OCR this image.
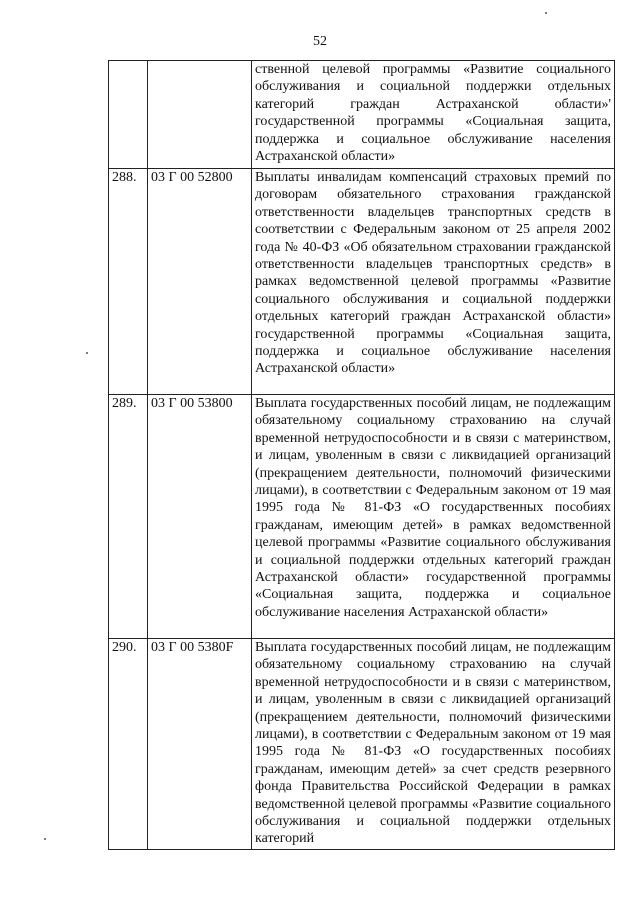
52
		ственной целевой программы «Развитие социального обслуживания и социальной поддержки отдельных категорий граждан Астраханской области»' государственной программы «Социальная защита, поддержка и социальное обслуживание населения Астраханской области»
288.	03 Г 00 52800	Выплаты инвалидам компенсаций страховых премий по договорам обязательного страхования гражданской ответственности владельцев транспортных средств в соответствии с Федеральным законом от 25 апреля 2002 года № 40-ФЗ «Об обязательном страховании гражданской ответственности владельцев транспортных средств» в рамках ведомственной целевой программы «Развитие социального обслуживания и социальной поддержки отдельных категорий граждан Астраханской области» государственной программы «Социальная защита, поддержка и социальное обслуживание населения Астраханской области»
289.	03 Г 00 53800	Выплата государственных пособий лицам, не подлежащим обязательному социальному страхованию на случай временной нетрудоспособности и в связи с материнством, и лицам, уволенным в связи с ликвидацией организаций (прекращением деятельности, полномочий физическими лицами), в соответствии с Федеральным законом от 19 мая 1995 года № 81-ФЗ «О государственных пособиях гражданам, имеющим детей» в рамках ведомственной целевой программы «Развитие социального обслуживания и социальной поддержки отдельных категорий граждан Астраханской области» государственной программы «Социальная защита, поддержка и социальное обслуживание населения Астраханской области»
290.	03 Г 00 5380F	Выплата государственных пособий лицам, не подлежащим обязательному социальному страхованию на случай временной нетрудоспособности и в связи с материнством, и лицам, уволенным в связи с ликвидацией организаций (прекращением деятельности, полномочий физическими лицами), в соответствии с Федеральным законом от 19 мая 1995 года № 81-ФЗ «О государственных пособиях гражданам, имеющим детей» за счет средств резервного фонда Правительства Российской Федерации в рамках ведомственной целевой программы «Развитие социального обслуживания и социальной поддержки отдельных категорий
